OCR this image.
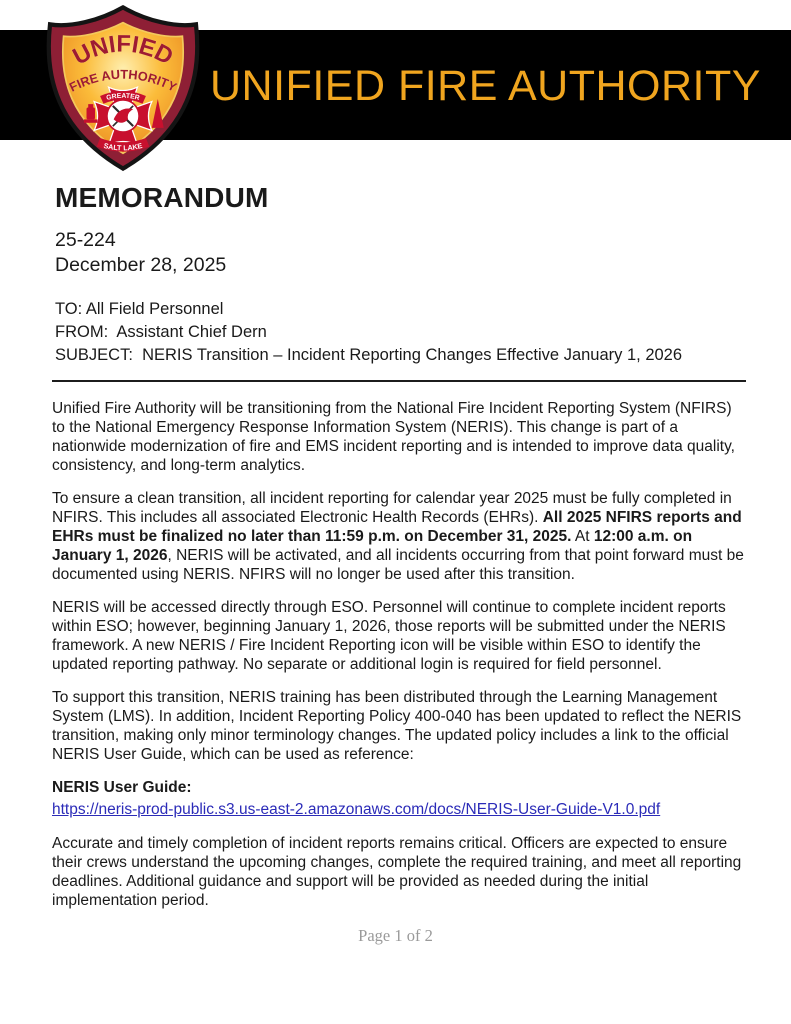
UNIFIED FIRE AUTHORITY
UNIFIED
FIRE AUTHORITY
GREATER
SALT LAKE
MEMORANDUM
25-224
December 28, 2025
TO: All Field Personnel
FROM:  Assistant Chief Dern
SUBJECT:  NERIS Transition – Incident Reporting Changes Effective January 1, 2026

Unified Fire Authority will be transitioning from the National Fire Incident Reporting System (NFIRS) to the National Emergency Response Information System (NERIS). This change is part of a nationwide modernization of fire and EMS incident reporting and is intended to improve data quality, consistency, and long-term analytics.

To ensure a clean transition, all incident reporting for calendar year 2025 must be fully completed in NFIRS. This includes all associated Electronic Health Records (EHRs). All 2025 NFIRS reports and EHRs must be finalized no later than 11:59 p.m. on December 31, 2025. At 12:00 a.m. on January 1, 2026, NERIS will be activated, and all incidents occurring from that point forward must be documented using NERIS. NFIRS will no longer be used after this transition.

NERIS will be accessed directly through ESO. Personnel will continue to complete incident reports within ESO; however, beginning January 1, 2026, those reports will be submitted under the NERIS framework. A new NERIS / Fire Incident Reporting icon will be visible within ESO to identify the updated reporting pathway. No separate or additional login is required for field personnel.

To support this transition, NERIS training has been distributed through the Learning Management System (LMS). In addition, Incident Reporting Policy 400-040 has been updated to reflect the NERIS transition, making only minor terminology changes. The updated policy includes a link to the official NERIS User Guide, which can be used as reference:

NERIS User Guide:

https://neris-prod-public.s3.us-east-2.amazonaws.com/docs/NERIS-User-Guide-V1.0.pdf

Accurate and timely completion of incident reports remains critical. Officers are expected to ensure their crews understand the upcoming changes, complete the required training, and meet all reporting deadlines. Additional guidance and support will be provided as needed during the initial implementation period.

Page 1 of 2
